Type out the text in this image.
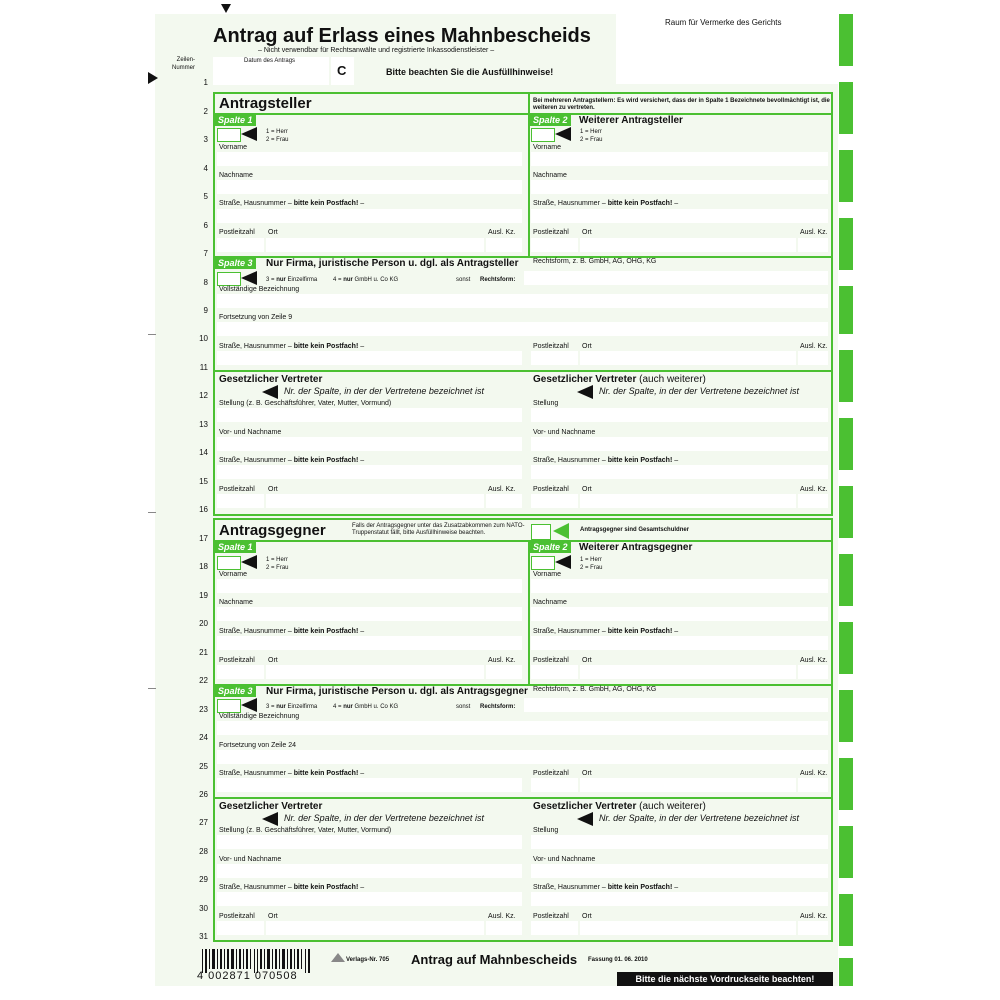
Antrag auf Erlass eines Mahnbescheids
– Nicht verwendbar für Rechtsanwälte und registrierte Inkassodienstleister –
Raum für Vermerke des Gerichts
Zeilen-
Nummer
Datum des Antrags
C	Bitte beachten Sie die Ausfüllhinweise!
1
2
3
4
5
6
7
8
9
10
11
12
13
14
15
16
17
18
19
20
21
22
23
24
25
26
27
28
29
30
31
Antragsteller	Bei mehreren Antragstellern: Es wird versichert, dass der in Spalte 1 Bezeichnete bevollmächtigt ist, die weiteren zu vertreten.
Spalte 1
1 = Herr
2 = Frau
Vorname
Nachname
Straße, Hausnummer – bitte kein Postfach! –
Postleitzahl Ort	Ausl. Kz.
Spalte 2	Weiterer Antragsteller
1 = Herr
2 = Frau
Vorname
Nachname
Straße, Hausnummer – bitte kein Postfach! –
Postleitzahl Ort	Ausl. Kz.
Spalte 3	Nur Firma, juristische Person u. dgl. als Antragsteller Rechtsform, z. B. GmbH, AG, OHG, KG
3 = nur Einzelfirma	4 = nur GmbH u. Co KG	sonst Rechtsform:
Vollständige Bezeichnung
Fortsetzung von Zeile 9
Straße, Hausnummer – bitte kein Postfach! –	Postleitzahl Ort	Ausl. Kz.
Gesetzlicher Vertreter	Gesetzlicher Vertreter (auch weiterer)
Nr. der Spalte, in der der Vertretene bezeichnet ist	Nr. der Spalte, in der der Vertretene bezeichnet ist
Stellung (z. B. Geschäftsführer, Vater, Mutter, Vormund)	Stellung
Vor- und Nachname	Vor- und Nachname
Straße, Hausnummer – bitte kein Postfach! –	Straße, Hausnummer – bitte kein Postfach! –
Postleitzahl Ort	Ausl. Kz. Postleitzahl Ort	Ausl. Kz.
Antragsgegner	Falls der Antragsgegner unter das Zusatzabkommen zum NATO-Truppenstatut fällt, bitte Ausfüllhinweise beachten.	Antragsgegner sind Gesamtschuldner
Spalte 1
1 = Herr
2 = Frau
Vorname
Nachname
Straße, Hausnummer – bitte kein Postfach! –
Postleitzahl Ort	Ausl. Kz.
Spalte 2	Weiterer Antragsgegner
1 = Herr
2 = Frau
Vorname
Nachname
Straße, Hausnummer – bitte kein Postfach! –
Postleitzahl Ort	Ausl. Kz.
Spalte 3	Nur Firma, juristische Person u. dgl. als Antragsgegner Rechtsform, z. B. GmbH, AG, OHG, KG
3 = nur Einzelfirma	4 = nur GmbH u. Co KG	sonst Rechtsform:
Vollständige Bezeichnung
Fortsetzung von Zeile 24
Straße, Hausnummer – bitte kein Postfach! –	Postleitzahl Ort	Ausl. Kz.
Gesetzlicher Vertreter	Gesetzlicher Vertreter (auch weiterer)
Nr. der Spalte, in der der Vertretene bezeichnet ist	Nr. der Spalte, in der der Vertretene bezeichnet ist
Stellung (z. B. Geschäftsführer, Vater, Mutter, Vormund)	Stellung
Vor- und Nachname	Vor- und Nachname
Straße, Hausnummer – bitte kein Postfach! –	Straße, Hausnummer – bitte kein Postfach! –
Postleitzahl Ort	Ausl. Kz. Postleitzahl Ort	Ausl. Kz.
4 002871 070508
Verlags-Nr. 705 Antrag auf Mahnbescheids Fassung 01. 06. 2010
Bitte die nächste Vordruckseite beachten!
